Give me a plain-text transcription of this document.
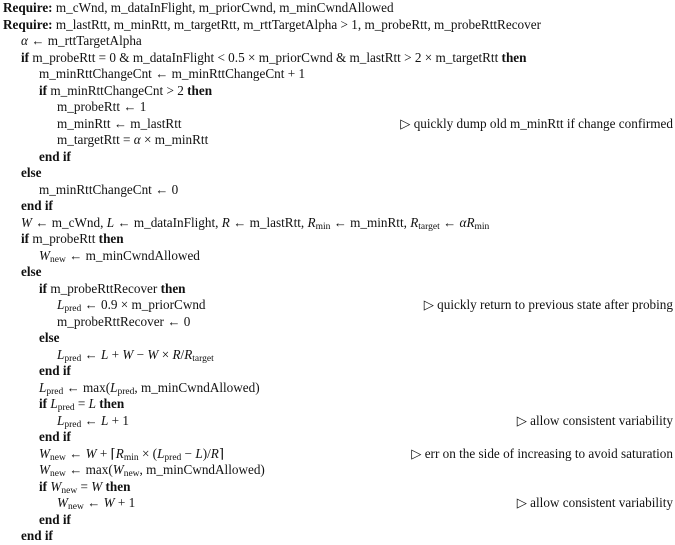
Require: m_cWnd, m_dataInFlight, m_priorCwnd, m_minCwndAllowed
Require: m_lastRtt, m_minRtt, m_targetRtt, m_rttTargetAlpha > 1, m_probeRtt, m_probeRttRecover
α ← m_rttTargetAlpha
if m_probeRtt = 0 & m_dataInFlight < 0.5 × m_priorCwnd & m_lastRtt > 2 × m_targetRtt then
m_minRttChangeCnt ← m_minRttChangeCnt + 1
if m_minRttChangeCnt > 2 then
m_probeRtt ← 1
m_minRtt ← m_lastRtt	▷ quickly dump old m_minRtt if change confirmed
m_targetRtt = α × m_minRtt
end if
else
m_minRttChangeCnt ← 0
end if
W ← m_cWnd, L ← m_dataInFlight, R ← m_lastRtt, $R_{min}$ ← m_minRtt, $R_{target}$ ← $\alpha R_{min}$
if m_probeRtt then
$W_{new}$ ← m_minCwndAllowed
else
if m_probeRttRecover then
$L_{pred}$ ← 0.9 × m_priorCwnd	▷ quickly return to previous state after probing
m_probeRttRecover ← 0
else
$L_{pred}$ ← $L + W - W \times R/R_{target}$
end if
$L_{pred}$ ← $\max(L_{pred}$, m_minCwndAllowed)
if $L_{pred} = L$ then
$L_{pred}$ ← L + 1	▷ allow consistent variability
end if
$W_{new}$ ← $W + ⌈R_{min} \times (L_{pred}$ − L)/R⌉	▷ err on the side of increasing to avoid saturation
$W_{new}$ ← $\max(W_{new}$, m_minCwndAllowed)
if $W_{new} = W$ then
$W_{new}$ ← W + 1	▷ allow consistent variability
end if
end if
